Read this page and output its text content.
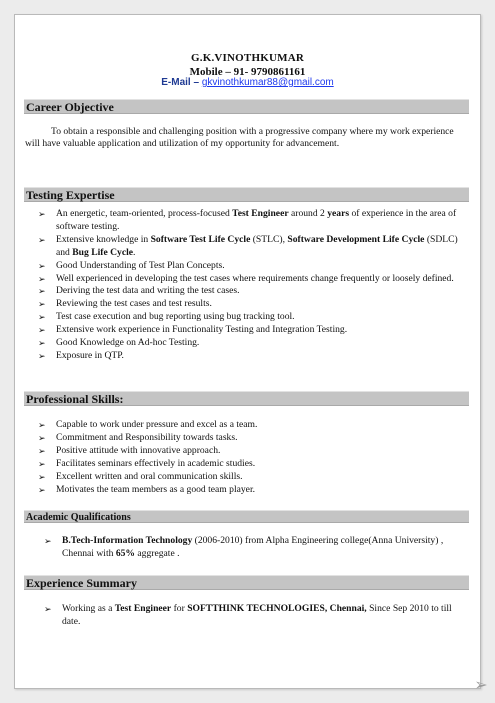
G.K.VINOTHKUMAR
Mobile – 91- 9790861161
E-Mail – gkvinothkumar88@gmail.com
Career Objective
To obtain a responsible and challenging position with a progressive company where my work experience will have valuable application and utilization of my opportunity for advancement.
Testing Expertise
➢ An energetic, team-oriented, process-focused Test Engineer around 2 years of experience in the area of software testing.
➢ Extensive knowledge in Software Test Life Cycle (STLC), Software Development Life Cycle (SDLC) and Bug Life Cycle.
➢ Good Understanding of Test Plan Concepts.
➢ Well experienced in developing the test cases where requirements change frequently or loosely defined.
➢ Deriving the test data and writing the test cases.
➢ Reviewing the test cases and test results.
➢ Test case execution and bug reporting using bug tracking tool.
➢ Extensive work experience in Functionality Testing and Integration Testing.
➢ Good Knowledge on Ad-hoc Testing.
➢ Exposure in QTP.
Professional Skills:
➢ Capable to work under pressure and excel as a team.
➢ Commitment and Responsibility towards tasks.
➢ Positive attitude with innovative approach.
➢ Facilitates seminars effectively in academic studies.
➢ Excellent written and oral communication skills.
➢ Motivates the team members as a good team player.
Academic Qualifications
➢ B.Tech-Information Technology (2006-2010) from Alpha Engineering college(Anna University) , Chennai with 65% aggregate .
Experience Summary
➢ Working as a Test Engineer for SOFTTHINK TECHNOLOGIES, Chennai, Since Sep 2010 to till date.
➢
